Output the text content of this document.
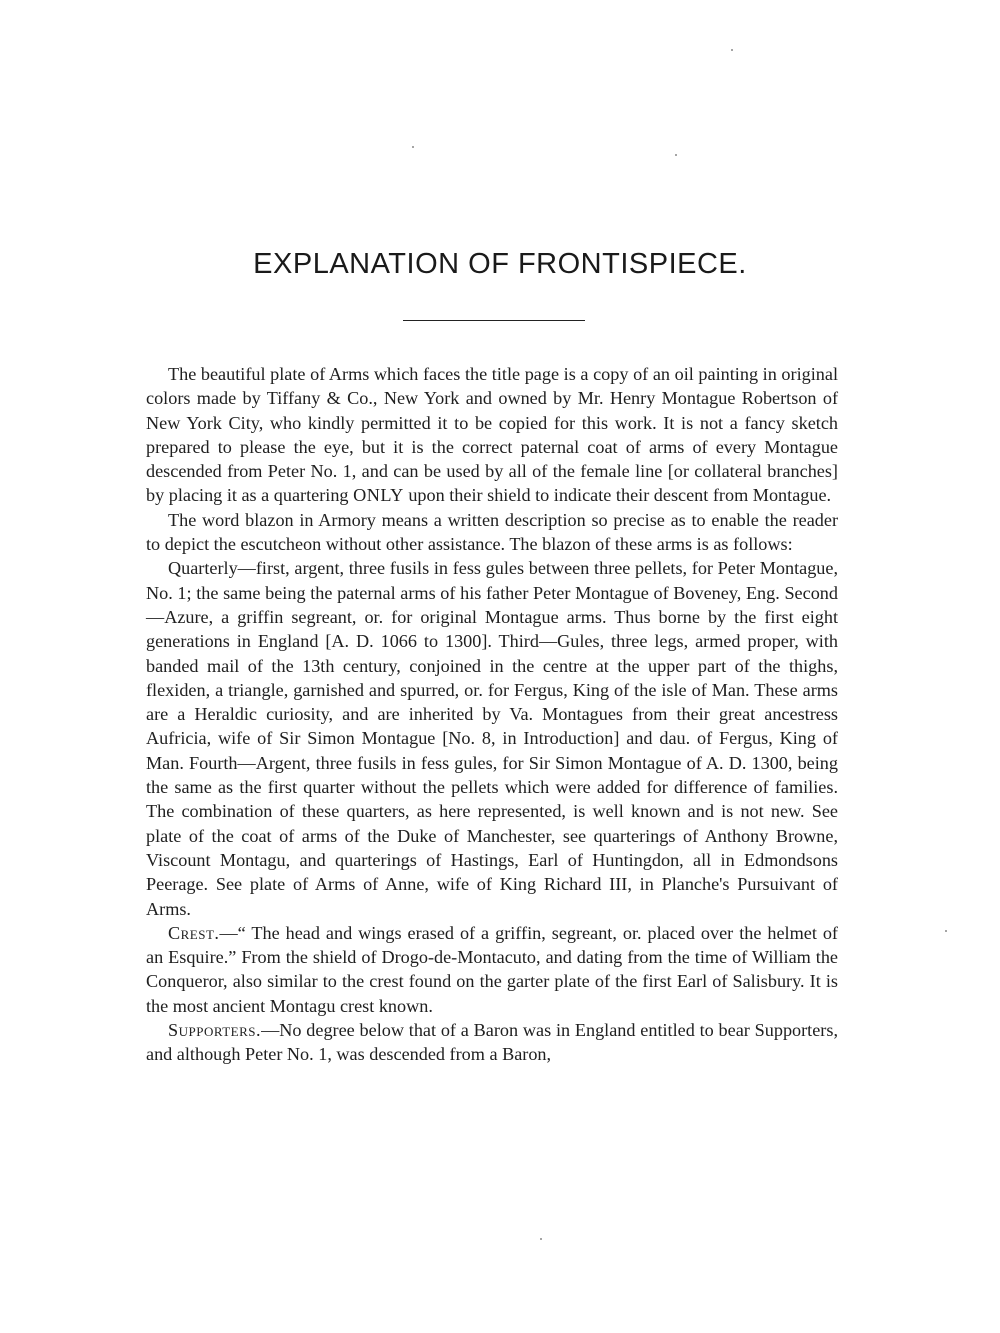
EXPLANATION OF FRONTISPIECE.

The beautiful plate of Arms which faces the title page is a copy of an oil painting in original colors made by Tiffany & Co., New York and owned by Mr. Henry Montague Robertson of New York City, who kindly permitted it to be copied for this work. It is not a fancy sketch prepared to please the eye, but it is the correct paternal coat of arms of every Montague descended from Peter No. 1, and can be used by all of the female line [or collateral branches] by placing it as a quartering ONLY upon their shield to indicate their descent from Montague.

The word blazon in Armory means a written description so precise as to enable the reader to depict the escutcheon without other assistance. The blazon of these arms is as follows:

Quarterly—first, argent, three fusils in fess gules between three pellets, for Peter Montague, No. 1; the same being the paternal arms of his father Peter Montague of Boveney, Eng. Second—Azure, a griffin segreant, or. for original Montague arms. Thus borne by the first eight generations in England [A. D. 1066 to 1300]. Third—Gules, three legs, armed proper, with banded mail of the 13th century, conjoined in the centre at the upper part of the thighs, flexiden, a triangle, garnished and spurred, or. for Fergus, King of the isle of Man. These arms are a Heraldic curiosity, and are inherited by Va. Montagues from their great ancestress Aufricia, wife of Sir Simon Montague [No. 8, in Introduction] and dau. of Fergus, King of Man. Fourth—Argent, three fusils in fess gules, for Sir Simon Montague of A. D. 1300, being the same as the first quarter without the pellets which were added for difference of families. The combination of these quarters, as here represented, is well known and is not new. See plate of the coat of arms of the Duke of Manchester, see quarterings of Anthony Browne, Viscount Montagu, and quarterings of Hastings, Earl of Huntingdon, all in Edmondsons Peerage. See plate of Arms of Anne, wife of King Richard III, in Planche's Pursuivant of Arms.

Crest.—“ The head and wings erased of a griffin, segreant, or. placed over the helmet of an Esquire.” From the shield of Drogo-de-Montacuto, and dating from the time of William the Conqueror, also similar to the crest found on the garter plate of the first Earl of Salisbury. It is the most ancient Montagu crest known.

Supporters.—No degree below that of a Baron was in England entitled to bear Supporters, and although Peter No. 1, was descended from a Baron,
